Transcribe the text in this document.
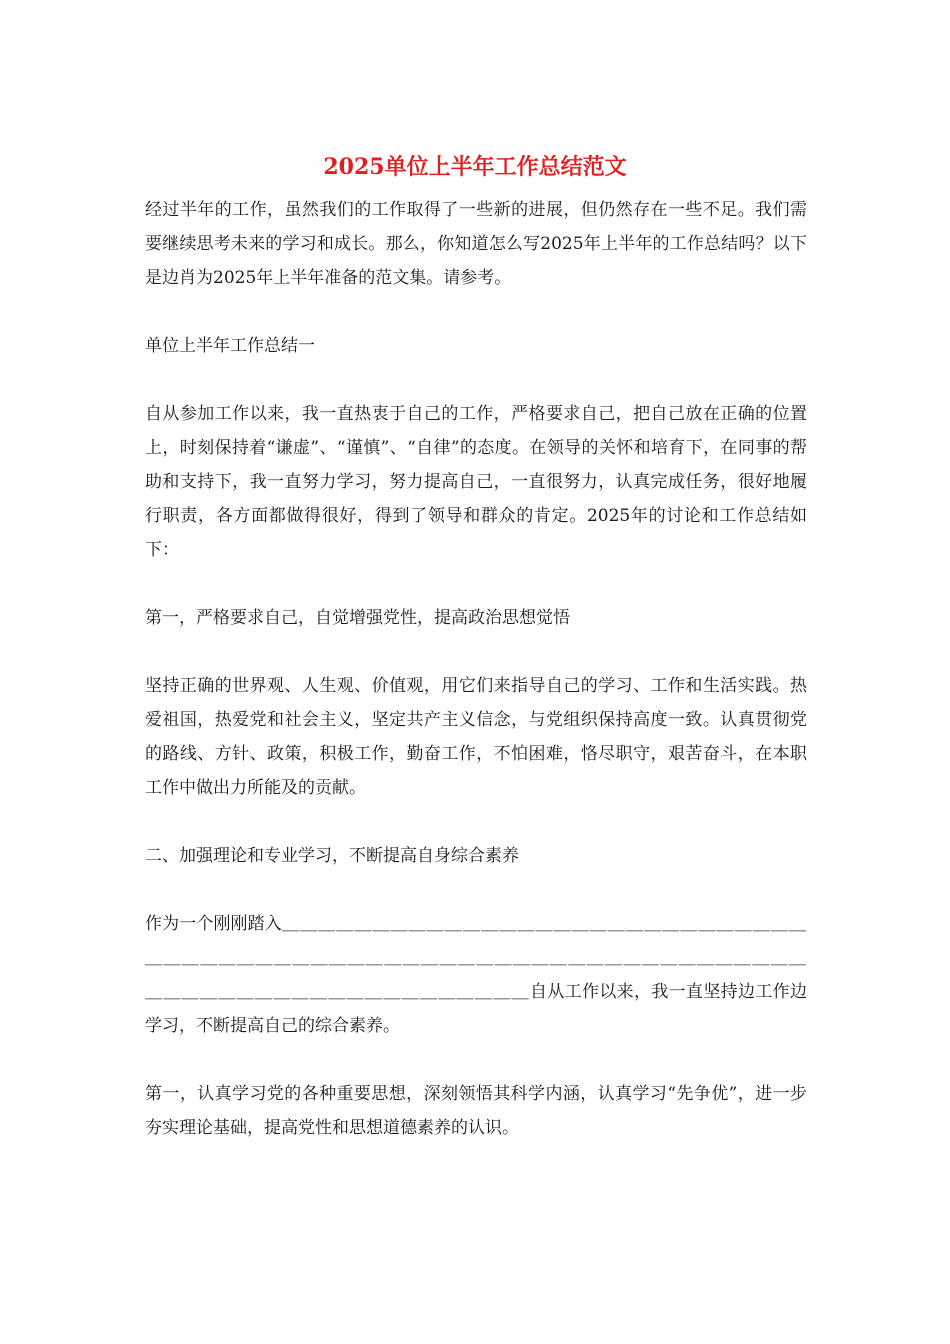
2025单位上半年工作总结范文

经过半年的工作，虽然我们的工作取得了一些新的进展，但仍然存在一些不足。我们需要继续思考未来的学习和成长。那么，你知道怎么写2025年上半年的工作总结吗？以下是边肖为2025年上半年准备的范文集。请参考。

单位上半年工作总结一

自从参加工作以来，我一直热衷于自己的工作，严格要求自己，把自己放在正确的位置上，时刻保持着“谦虚”、“谨慎”、“自律”的态度。在领导的关怀和培育下，在同事的帮助和支持下，我一直努力学习，努力提高自己，一直很努力，认真完成任务，很好地履行职责，各方面都做得很好，得到了领导和群众的肯定。2025年的讨论和工作总结如下：

第一，严格要求自己，自觉增强党性，提高政治思想觉悟

坚持正确的世界观、人生观、价值观，用它们来指导自己的学习、工作和生活实践。热爱祖国，热爱党和社会主义，坚定共产主义信念，与党组织保持高度一致。认真贯彻党的路线、方针、政策，积极工作，勤奋工作，不怕困难，恪尽职守，艰苦奋斗，在本职工作中做出力所能及的贡献。

二、加强理论和专业学习，不断提高自身综合素养

作为一个刚刚踏入＿＿＿＿＿＿＿＿＿＿＿＿＿＿＿＿＿＿＿＿＿＿＿＿＿＿＿＿＿＿＿＿＿＿＿＿＿＿＿＿＿＿＿＿＿＿＿＿＿＿＿＿＿＿＿＿＿＿＿＿＿＿＿＿＿＿＿＿＿＿＿＿＿＿＿＿＿＿＿＿＿＿＿＿＿＿自从工作以来，我一直坚持边工作边学习，不断提高自己的综合素养。

第一，认真学习党的各种重要思想，深刻领悟其科学内涵，认真学习“先争优”，进一步夯实理论基础，提高党性和思想道德素养的认识。
